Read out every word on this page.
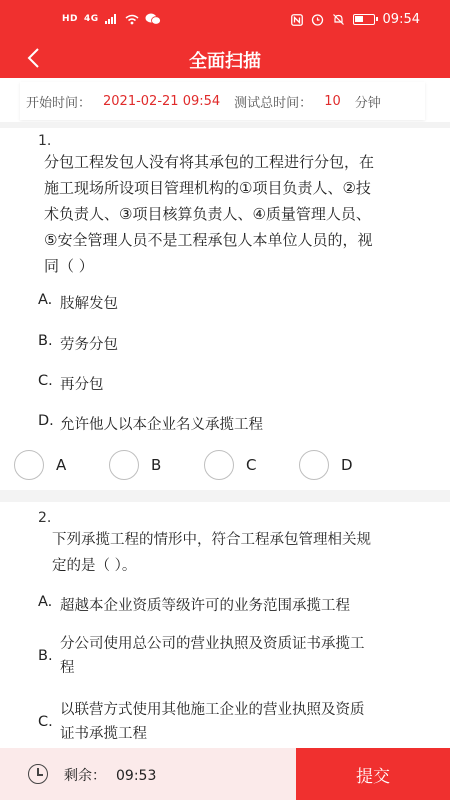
HD 4G	09:54
全面扫描
开始时间： 2021-02-21 09:54 测试总时间： 10 分钟
1.
分包工程发包人没有将其承包的工程进行分包，在
施工现场所设项目管理机构的①项目负责人、②技
术负责人、③项目核算负责人、④质量管理人员、
⑤安全管理人员不是工程承包人本单位人员的，视
同（ ）
A. 肢解发包
B. 劳务分包
C. 再分包
D. 允许他人以本企业名义承揽工程
A	B	C	D
2.
下列承揽工程的情形中，符合工程承包管理相关规
定的是（ ）。
A. 超越本企业资质等级许可的业务范围承揽工程
B.
分公司使用总公司的营业执照及资质证书承揽工
程
C.
以联营方式使用其他施工企业的营业执照及资质
证书承揽工程
剩余： 09:53	提交
